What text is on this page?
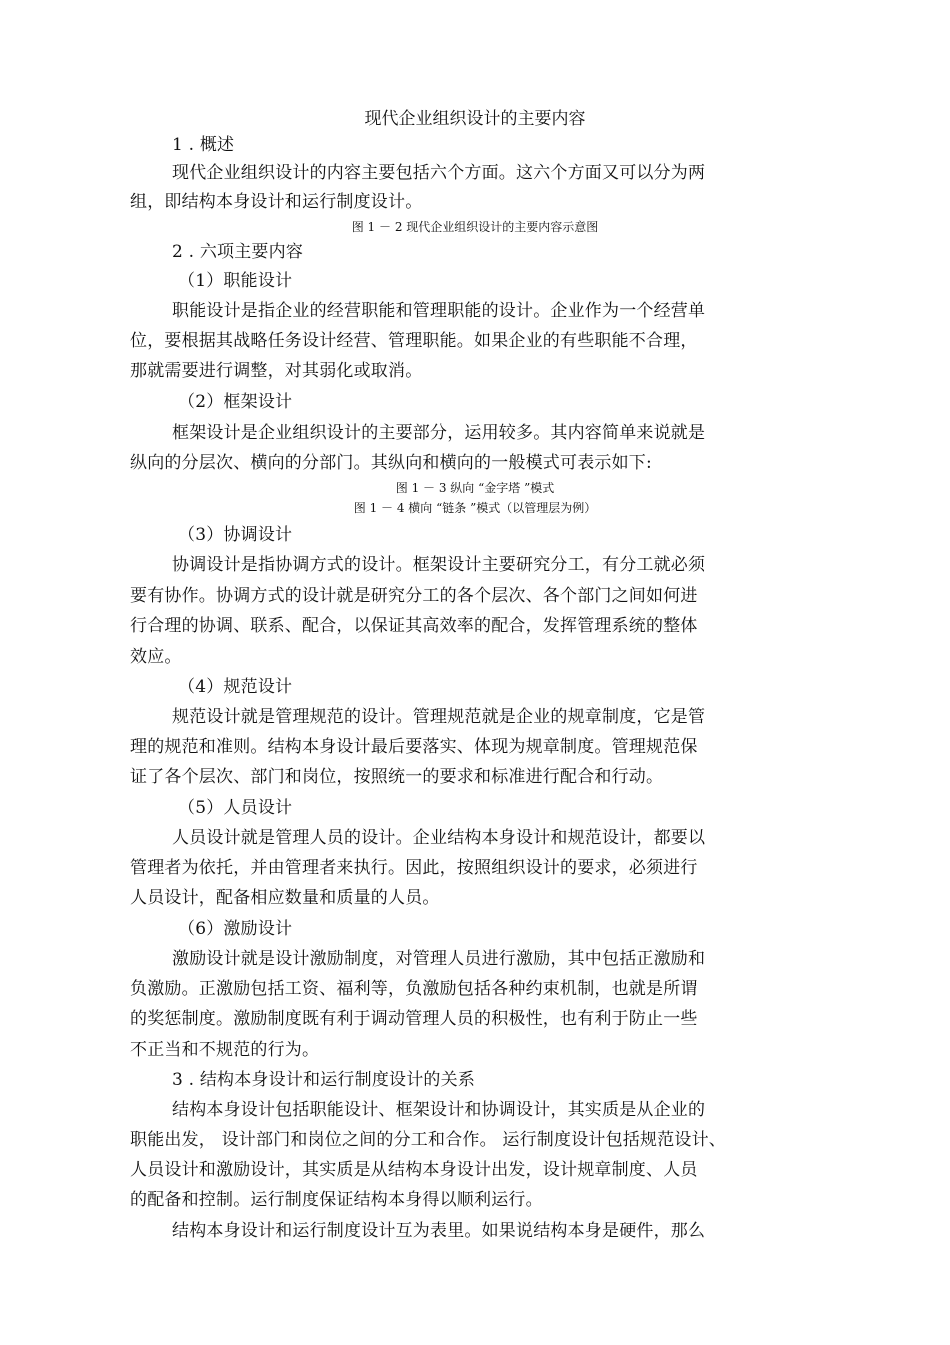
现代企业组织设计的主要内容
1 . 概述
现代企业组织设计的内容主要包括六个方面。这六个方面又可以分为两
组，即结构本身设计和运行制度设计。
图 1 － 2 现代企业组织设计的主要内容示意图
2 . 六项主要内容
（1）职能设计
职能设计是指企业的经营职能和管理职能的设计。企业作为一个经营单
位，要根据其战略任务设计经营、管理职能。如果企业的有些职能不合理，
那就需要进行调整，对其弱化或取消。
（2）框架设计
框架设计是企业组织设计的主要部分，运用较多。其内容简单来说就是
纵向的分层次、横向的分部门。其纵向和横向的一般模式可表示如下:
图 1 － 3 纵向 “金字塔 ”模式
图 1 － 4 横向 “链条 ”模式（以管理层为例）
（3）协调设计
协调设计是指协调方式的设计。框架设计主要研究分工，有分工就必须
要有协作。协调方式的设计就是研究分工的各个层次、各个部门之间如何进
行合理的协调、联系、配合，以保证其高效率的配合，发挥管理系统的整体
效应。
（4）规范设计
规范设计就是管理规范的设计。管理规范就是企业的规章制度，它是管
理的规范和准则。结构本身设计最后要落实、体现为规章制度。管理规范保
证了各个层次、部门和岗位，按照统一的要求和标准进行配合和行动。
（5）人员设计
人员设计就是管理人员的设计。企业结构本身设计和规范设计，都要以
管理者为依托，并由管理者来执行。因此，按照组织设计的要求，必须进行
人员设计，配备相应数量和质量的人员。
（6）激励设计
激励设计就是设计激励制度，对管理人员进行激励，其中包括正激励和
负激励。正激励包括工资、福利等，负激励包括各种约束机制，也就是所谓
的奖惩制度。激励制度既有利于调动管理人员的积极性，也有利于防止一些
不正当和不规范的行为。
3 . 结构本身设计和运行制度设计的关系
结构本身设计包括职能设计、框架设计和协调设计，其实质是从企业的
职能出发， 设计部门和岗位之间的分工和合作。 运行制度设计包括规范设计、
人员设计和激励设计，其实质是从结构本身设计出发，设计规章制度、人员
的配备和控制。运行制度保证结构本身得以顺利运行。
结构本身设计和运行制度设计互为表里。如果说结构本身是硬件，那么
